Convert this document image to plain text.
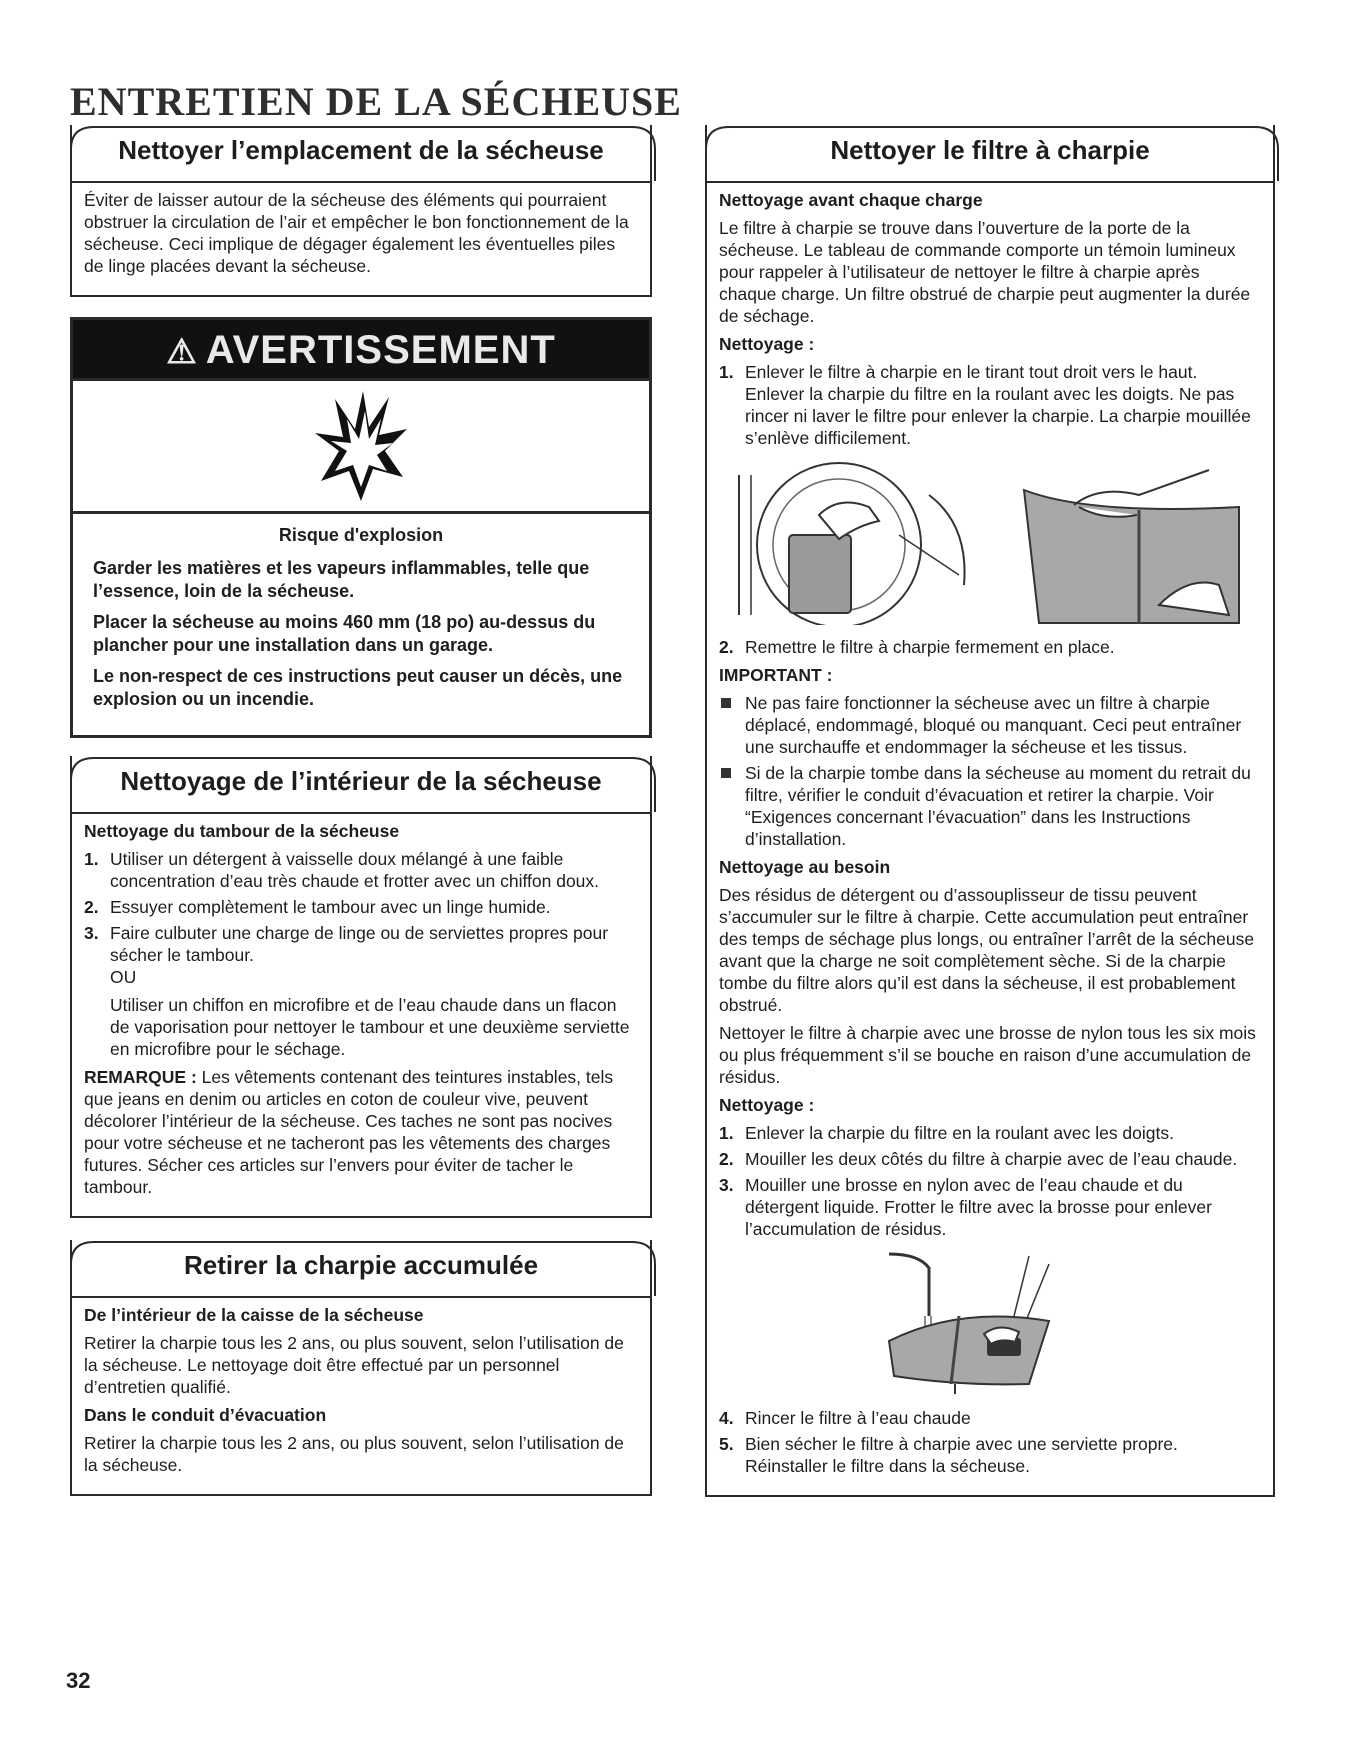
ENTRETIEN DE LA SÉCHEUSE
Nettoyer l’emplacement de la sécheuse

Éviter de laisser autour de la sécheuse des éléments qui pourraient obstruer la circulation de l’air et empêcher le bon fonctionnement de la sécheuse. Ceci implique de dégager également les éventuelles piles de linge placées devant la sécheuse.

⚠ AVERTISSEMENT

Risque d'explosion

Garder les matières et les vapeurs inflammables, telle que l’essence, loin de la sécheuse.

Placer la sécheuse au moins 460 mm (18 po) au-dessus du plancher pour une installation dans un garage.

Le non-respect de ces instructions peut causer un décès, une explosion ou un incendie.

Nettoyage de l’intérieur de la sécheuse

Nettoyage du tambour de la sécheuse

1. Utiliser un détergent à vaisselle doux mélangé à une faible concentration d’eau très chaude et frotter avec un chiffon doux.
2. Essuyer complètement le tambour avec un linge humide.
3. Faire culbuter une charge de linge ou de serviettes propres pour sécher le tambour.

OU

Utiliser un chiffon en microfibre et de l’eau chaude dans un flacon de vaporisation pour nettoyer le tambour et une deuxième serviette en microfibre pour le séchage.

REMARQUE : Les vêtements contenant des teintures instables, tels que jeans en denim ou articles en coton de couleur vive, peuvent décolorer l’intérieur de la sécheuse. Ces taches ne sont pas nocives pour votre sécheuse et ne tacheront pas les vêtements des charges futures. Sécher ces articles sur l’envers pour éviter de tacher le tambour.

Retirer la charpie accumulée

De l’intérieur de la caisse de la sécheuse

Retirer la charpie tous les 2 ans, ou plus souvent, selon l’utilisation de la sécheuse. Le nettoyage doit être effectué par un personnel d’entretien qualifié.

Dans le conduit d’évacuation

Retirer la charpie tous les 2 ans, ou plus souvent, selon l’utilisation de la sécheuse.

Nettoyer le filtre à charpie

Nettoyage avant chaque charge

Le filtre à charpie se trouve dans l’ouverture de la porte de la sécheuse. Le tableau de commande comporte un témoin lumineux pour rappeler à l’utilisateur de nettoyer le filtre à charpie après chaque charge. Un filtre obstrué de charpie peut augmenter la durée de séchage.

Nettoyage :

1. Enlever le filtre à charpie en le tirant tout droit vers le haut. Enlever la charpie du filtre en la roulant avec les doigts. Ne pas rincer ni laver le filtre pour enlever la charpie. La charpie mouillée s’enlève difficilement.
2. Remettre le filtre à charpie fermement en place.

IMPORTANT :

Ne pas faire fonctionner la sécheuse avec un filtre à charpie déplacé, endommagé, bloqué ou manquant. Ceci peut entraîner une surchauffe et endommager la sécheuse et les tissus.
Si de la charpie tombe dans la sécheuse au moment du retrait du filtre, vérifier le conduit d’évacuation et retirer la charpie. Voir “Exigences concernant l’évacuation” dans les Instructions d’installation.

Nettoyage au besoin

Des résidus de détergent ou d’assouplisseur de tissu peuvent s’accumuler sur le filtre à charpie. Cette accumulation peut entraîner des temps de séchage plus longs, ou entraîner l’arrêt de la sécheuse avant que la charge ne soit complètement sèche. Si de la charpie tombe du filtre alors qu’il est dans la sécheuse, il est probablement obstrué.

Nettoyer le filtre à charpie avec une brosse de nylon tous les six mois ou plus fréquemment s’il se bouche en raison d’une accumulation de résidus.

Nettoyage :

1. Enlever la charpie du filtre en la roulant avec les doigts.
2. Mouiller les deux côtés du filtre à charpie avec de l’eau chaude.
3. Mouiller une brosse en nylon avec de l’eau chaude et du détergent liquide. Frotter le filtre avec la brosse pour enlever l’accumulation de résidus.
4. Rincer le filtre à l’eau chaude
5. Bien sécher le filtre à charpie avec une serviette propre. Réinstaller le filtre dans la sécheuse.

32
